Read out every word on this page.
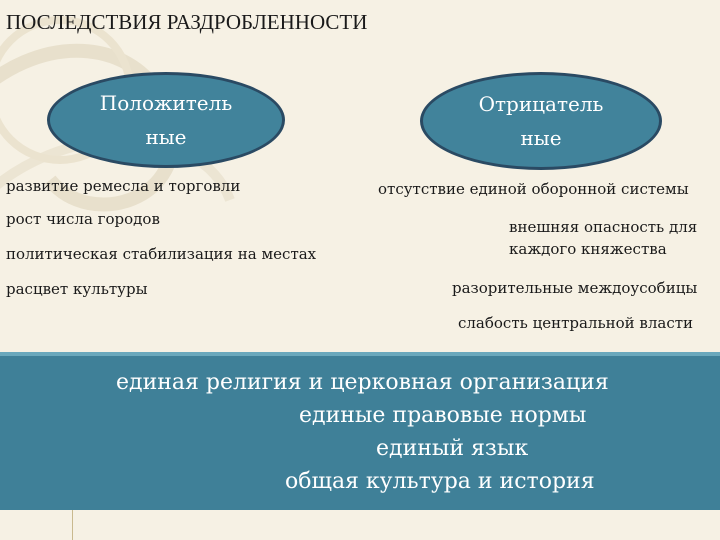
ПОСЛЕДСТВИЯ РАЗДРОБЛЕННОСТИ
Положитель
ные
Отрицатель
ные
развитие ремесла и торговли
рост числа городов
политическая стабилизация на местах
расцвет культуры
отсутствие единой оборонной системы
внешняя опасность для каждого княжества
разорительные междоусобицы
слабость центральной власти
единая религия и церковная организация
единые правовые нормы
единый язык
общая культура и история
